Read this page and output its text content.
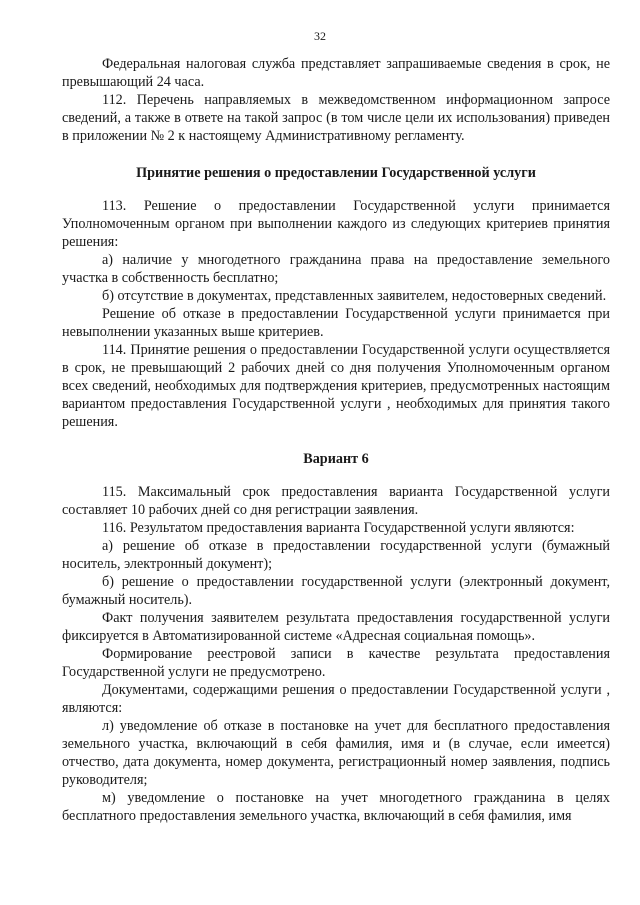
32

Федеральная налоговая служба представляет запрашиваемые сведения в срок, не превышающий 24 часа.

112. Перечень направляемых в межведомственном информационном запросе сведений, а также в ответе на такой запрос (в том числе цели их использования) приведен в приложении № 2 к настоящему Административному регламенту.

Принятие решения о предоставлении Государственной услуги

113. Решение о предоставлении Государственной услуги принимается Уполномоченным органом при выполнении каждого из следующих критериев принятия решения:

а) наличие у многодетного гражданина права на предоставление земельного участка в собственность бесплатно;

б) отсутствие в документах, представленных заявителем, недостоверных сведений.

Решение об отказе в предоставлении Государственной услуги принимается при невыполнении указанных выше критериев.

114. Принятие решения о предоставлении Государственной услуги осуществляется в срок, не превышающий 2 рабочих дней со дня получения Уполномоченным органом всех сведений, необходимых для подтверждения критериев, предусмотренных настоящим вариантом предоставления Государственной услуги , необходимых для принятия такого решения.

Вариант 6

115. Максимальный срок предоставления варианта Государственной услуги составляет 10 рабочих дней со дня регистрации заявления.

116. Результатом предоставления варианта Государственной услуги являются:

а) решение об отказе в предоставлении государственной услуги (бумажный носитель, электронный документ);

б) решение о предоставлении государственной услуги (электронный документ, бумажный носитель).

Факт получения заявителем результата предоставления государственной услуги фиксируется в Автоматизированной системе «Адресная социальная помощь».

Формирование реестровой записи в качестве результата предоставления Государственной услуги не предусмотрено.

Документами, содержащими решения о предоставлении Государственной услуги , являются:

л) уведомление об отказе в постановке на учет для бесплатного предоставления земельного участка, включающий в себя фамилия, имя и (в случае, если имеется) отчество, дата документа, номер документа, регистрационный номер заявления, подпись руководителя;

м) уведомление о постановке на учет многодетного гражданина в целях бесплатного предоставления земельного участка, включающий в себя фамилия, имя
